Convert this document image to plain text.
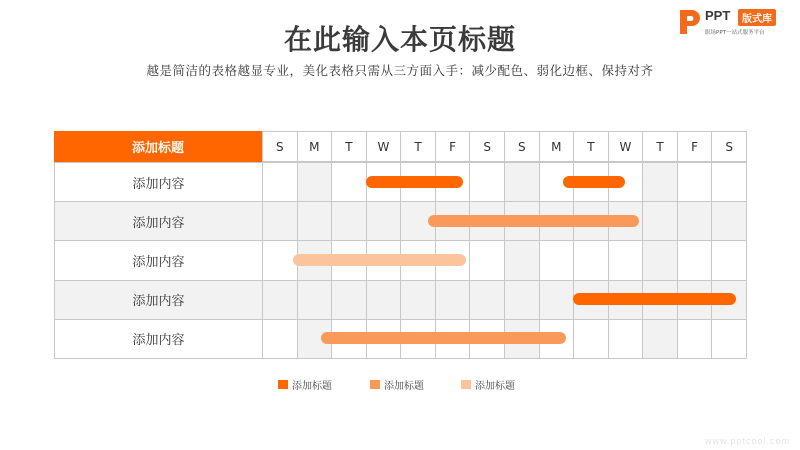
在此输入本页标题
越是简洁的表格越显专业，美化表格只需从三方面入手：减少配色、弱化边框、保持对齐
PPT	版式库
职场PPT一站式服务平台
添加标题	S	M	T	W	T	F	S	S	M	T	W	T	F	S
添加内容
添加内容
添加内容
添加内容
添加内容
添加标题	添加标题	添加标题
www.pptcool.com
